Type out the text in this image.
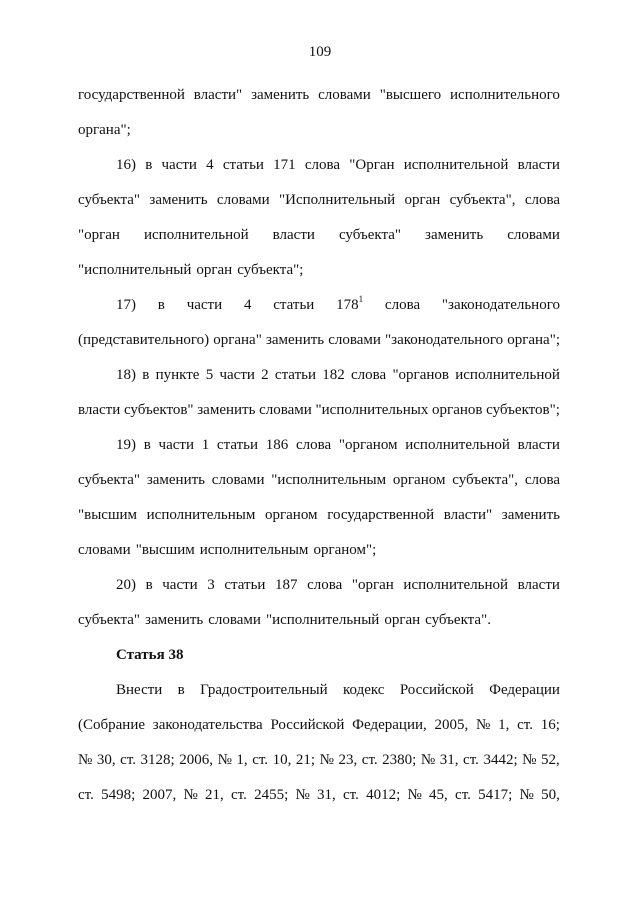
109
государственной власти" заменить словами "высшего исполнительного
органа";
16) в части 4 статьи 171 слова "Орган исполнительной власти
субъекта" заменить словами "Исполнительный орган субъекта", слова
"орган исполнительной власти субъекта" заменить словами
"исполнительный орган субъекта";
17) в части 4 статьи $178^1$ слова "законодательного
(представительного) органа" заменить словами "законодательного органа";
18) в пункте 5 части 2 статьи 182 слова "органов исполнительной
власти субъектов" заменить словами "исполнительных органов субъектов";
19) в части 1 статьи 186 слова "органом исполнительной власти
субъекта" заменить словами "исполнительным органом субъекта", слова
"высшим исполнительным органом государственной власти" заменить
словами "высшим исполнительным органом";
20) в части 3 статьи 187 слова "орган исполнительной власти
субъекта" заменить словами "исполнительный орган субъекта".
Статья 38
Внести в Градостроительный кодекс Российской Федерации
(Собрание законодательства Российской Федерации, 2005, № 1, ст. 16;
№ 30, ст. 3128; 2006, № 1, ст. 10, 21; № 23, ст. 2380; № 31, ст. 3442; № 52,
ст. 5498; 2007, № 21, ст. 2455; № 31, ст. 4012; № 45, ст. 5417; № 50,
